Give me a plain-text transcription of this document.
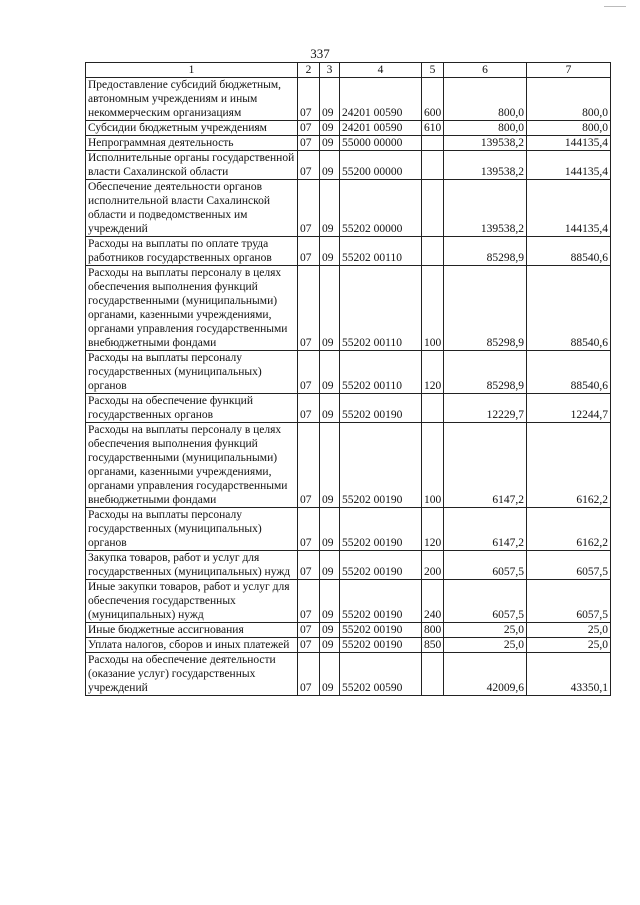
337
1	2	3	4	5	6	7
Предоставление субсидий бюджетным, автономным учреждениям и иным некоммерческим организациям	07	09	24201 00590	600	800,0	800,0
Субсидии бюджетным учреждениям	07	09	24201 00590	610	800,0	800,0
Непрограммная деятельность	07	09	55000 00000		139538,2	144135,4
Исполнительные органы государственной власти Сахалинской области	07	09	55200 00000		139538,2	144135,4
Обеспечение деятельности органов исполнительной власти Сахалинской области и подведомственных им учреждений	07	09	55202 00000		139538,2	144135,4
Расходы на выплаты по оплате труда работников государственных органов	07	09	55202 00110		85298,9	88540,6
Расходы на выплаты персоналу в целях обеспечения выполнения функций государственными (муниципальными) органами, казенными учреждениями, органами управления государственными внебюджетными фондами	07	09	55202 00110	100	85298,9	88540,6
Расходы на выплаты персоналу государственных (муниципальных) органов	07	09	55202 00110	120	85298,9	88540,6
Расходы на обеспечение функций государственных органов	07	09	55202 00190		12229,7	12244,7
Расходы на выплаты персоналу в целях обеспечения выполнения функций государственными (муниципальными) органами, казенными учреждениями, органами управления государственными внебюджетными фондами	07	09	55202 00190	100	6147,2	6162,2
Расходы на выплаты персоналу государственных (муниципальных) органов	07	09	55202 00190	120	6147,2	6162,2
Закупка товаров, работ и услуг для государственных (муниципальных) нужд	07	09	55202 00190	200	6057,5	6057,5
Иные закупки товаров, работ и услуг для обеспечения государственных (муниципальных) нужд	07	09	55202 00190	240	6057,5	6057,5
Иные бюджетные ассигнования	07	09	55202 00190	800	25,0	25,0
Уплата налогов, сборов и иных платежей	07	09	55202 00190	850	25,0	25,0
Расходы на обеспечение деятельности (оказание услуг) государственных учреждений	07	09	55202 00590		42009,6	43350,1
